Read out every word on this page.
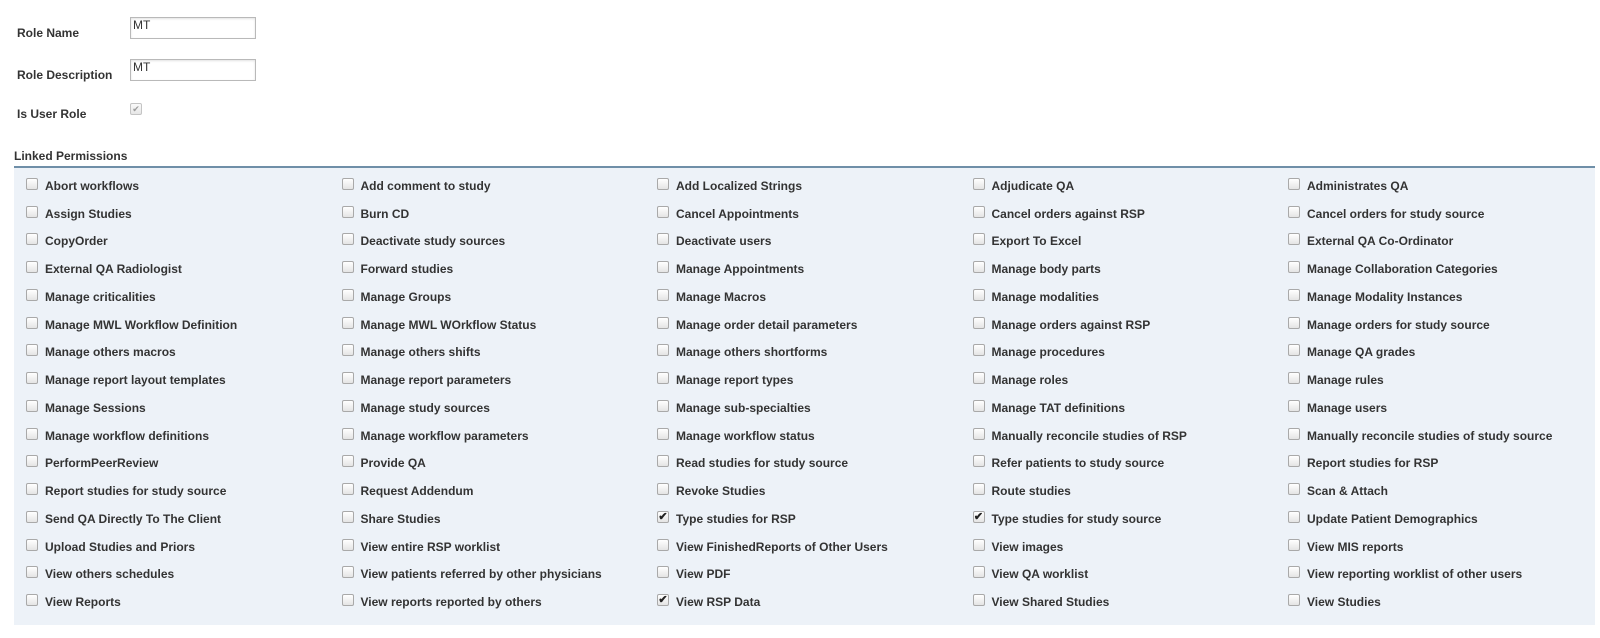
Role Name
MT
Role Description
MT
Is User Role	✔
Linked Permissions
Abort workflows	Add comment to study	Add Localized Strings	Adjudicate QA	Administrates QA
Assign Studies	Burn CD	Cancel Appointments	Cancel orders against RSP	Cancel orders for study source
CopyOrder	Deactivate study sources	Deactivate users	Export To Excel	External QA Co-Ordinator
External QA Radiologist	Forward studies	Manage Appointments	Manage body parts	Manage Collaboration Categories
Manage criticalities	Manage Groups	Manage Macros	Manage modalities	Manage Modality Instances
Manage MWL Workflow Definition	Manage MWL WOrkflow Status	Manage order detail parameters	Manage orders against RSP	Manage orders for study source
Manage others macros	Manage others shifts	Manage others shortforms	Manage procedures	Manage QA grades
Manage report layout templates	Manage report parameters	Manage report types	Manage roles	Manage rules
Manage Sessions	Manage study sources	Manage sub-specialties	Manage TAT definitions	Manage users
Manage workflow definitions	Manage workflow parameters	Manage workflow status	Manually reconcile studies of RSP	Manually reconcile studies of study source
PerformPeerReview	Provide QA	Read studies for study source	Refer patients to study source	Report studies for RSP
Report studies for study source	Request Addendum	Revoke Studies	Route studies	Scan & Attach
Send QA Directly To The Client	Share Studies	✔ Type studies for RSP	✔ Type studies for study source	Update Patient Demographics
Upload Studies and Priors	View entire RSP worklist	View FinishedReports of Other Users	View images	View MIS reports
View others schedules	View patients referred by other physicians	View PDF	View QA worklist	View reporting worklist of other users
View Reports	View reports reported by others	✔ View RSP Data	View Shared Studies	View Studies
